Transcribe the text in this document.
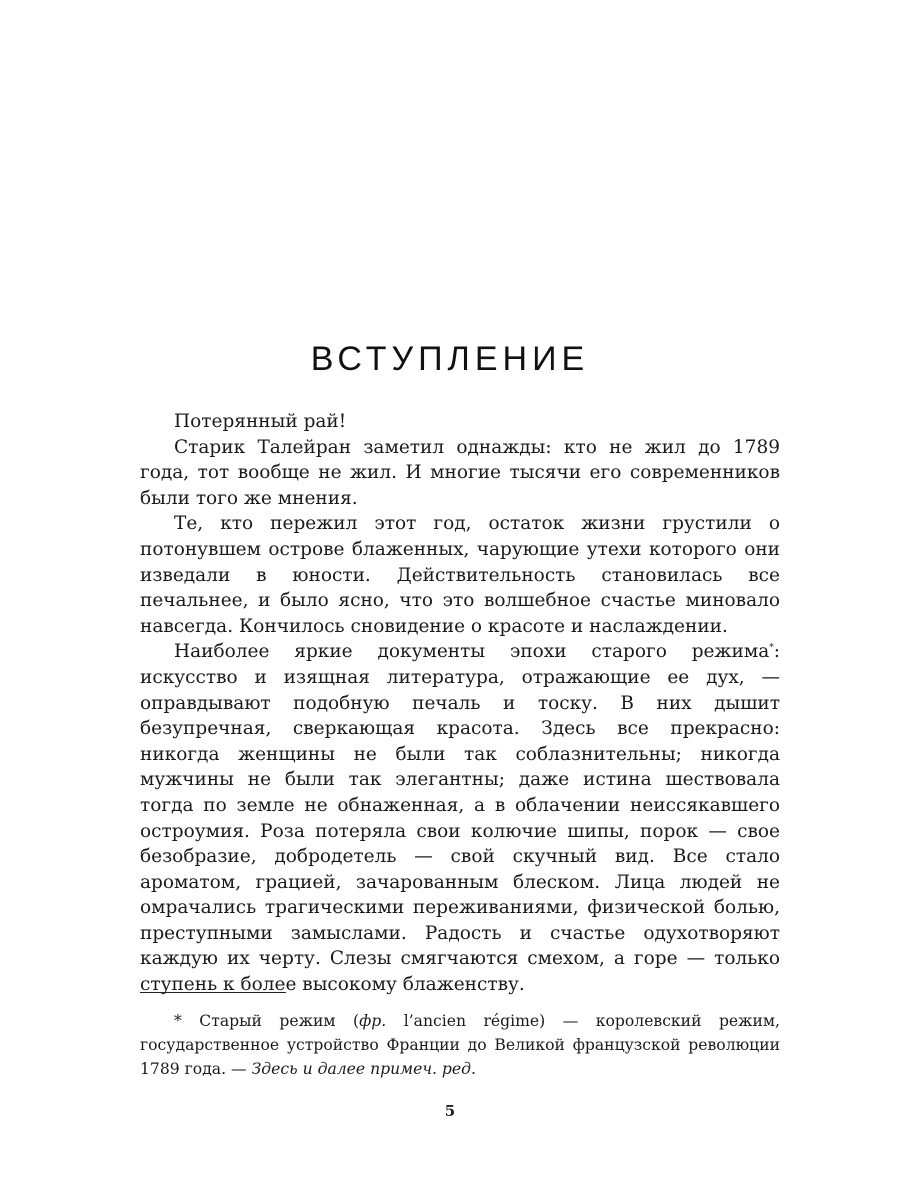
ВСТУПЛЕНИЕ

Потерянный рай!

Старик Талейран заметил однажды: кто не жил до 1789 года, тот вообще не жил. И многие тысячи его современников были того же мнения.

Те, кто пережил этот год, остаток жизни грустили о потонувшем острове блаженных, чарующие утехи которого они изведали в юности. Действительность становилась все печальнее, и было ясно, что это волшебное счастье миновало навсегда. Кончилось сновидение о красоте и наслаждении.

Наиболее яркие документы эпохи старого режима*: искусство и изящная литература, отражающие ее дух, — оправдывают подобную печаль и тоску. В них дышит безупречная, сверкающая красота. Здесь все прекрасно: никогда женщины не были так соблазнительны; никогда мужчины не были так элегантны; даже истина шествовала тогда по земле не обнаженная, а в облачении неиссякавшего остроумия. Роза потеряла свои колючие шипы, порок — свое безобразие, добродетель — свой скучный вид. Все стало ароматом, грацией, зачарованным блеском. Лица людей не омрачались трагическими переживаниями, физической болью, преступными замыслами. Радость и счастье одухотворяют каждую их черту. Слезы смягчаются смехом, а горе — только ступень к более высокому блаженству.

* Старый режим (фр. l’ancien régime) — королевский режим, государственное устройство Франции до Великой французской революции 1789 года. — Здесь и далее примеч. ред.

5
